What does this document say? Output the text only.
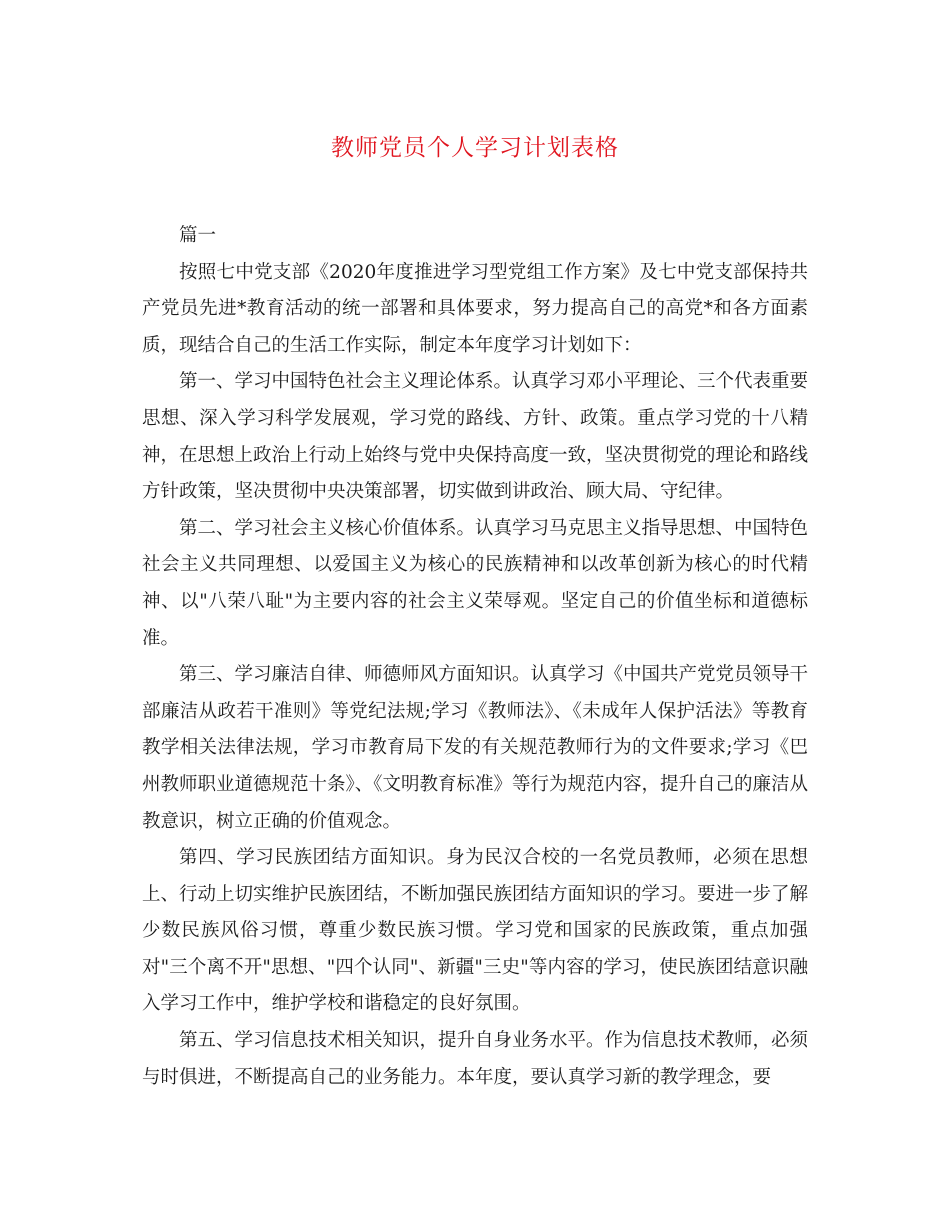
教师党员个人学习计划表格

篇一

按照七中党支部《2020年度推进学习型党组工作方案》及七中党支部保持共产党员先进*教育活动的统一部署和具体要求，努力提高自己的高党*和各方面素质，现结合自己的生活工作实际，制定本年度学习计划如下：

第一、学习中国特色社会主义理论体系。认真学习邓小平理论、三个代表重要思想、深入学习科学发展观，学习党的路线、方针、政策。重点学习党的十八精神，在思想上政治上行动上始终与党中央保持高度一致，坚决贯彻党的理论和路线方针政策，坚决贯彻中央决策部署，切实做到讲政治、顾大局、守纪律。

第二、学习社会主义核心价值体系。认真学习马克思主义指导思想、中国特色社会主义共同理想、以爱国主义为核心的民族精神和以改革创新为核心的时代精神、以"八荣八耻"为主要内容的社会主义荣辱观。坚定自己的价值坐标和道德标准。

第三、学习廉洁自律、师德师风方面知识。认真学习《中国共产党党员领导干部廉洁从政若干准则》等党纪法规;学习《教师法》、《未成年人保护活法》等教育教学相关法律法规，学习市教育局下发的有关规范教师行为的文件要求;学习《巴州教师职业道德规范十条》、《文明教育标准》等行为规范内容，提升自己的廉洁从教意识，树立正确的价值观念。

第四、学习民族团结方面知识。身为民汉合校的一名党员教师，必须在思想上、行动上切实维护民族团结，不断加强民族团结方面知识的学习。要进一步了解少数民族风俗习惯，尊重少数民族习惯。学习党和国家的民族政策，重点加强对"三个离不开"思想、"四个认同"、新疆"三史"等内容的学习，使民族团结意识融入学习工作中，维护学校和谐稳定的良好氛围。

第五、学习信息技术相关知识，提升自身业务水平。作为信息技术教师，必须与时俱进，不断提高自己的业务能力。本年度，要认真学习新的教学理念，要
